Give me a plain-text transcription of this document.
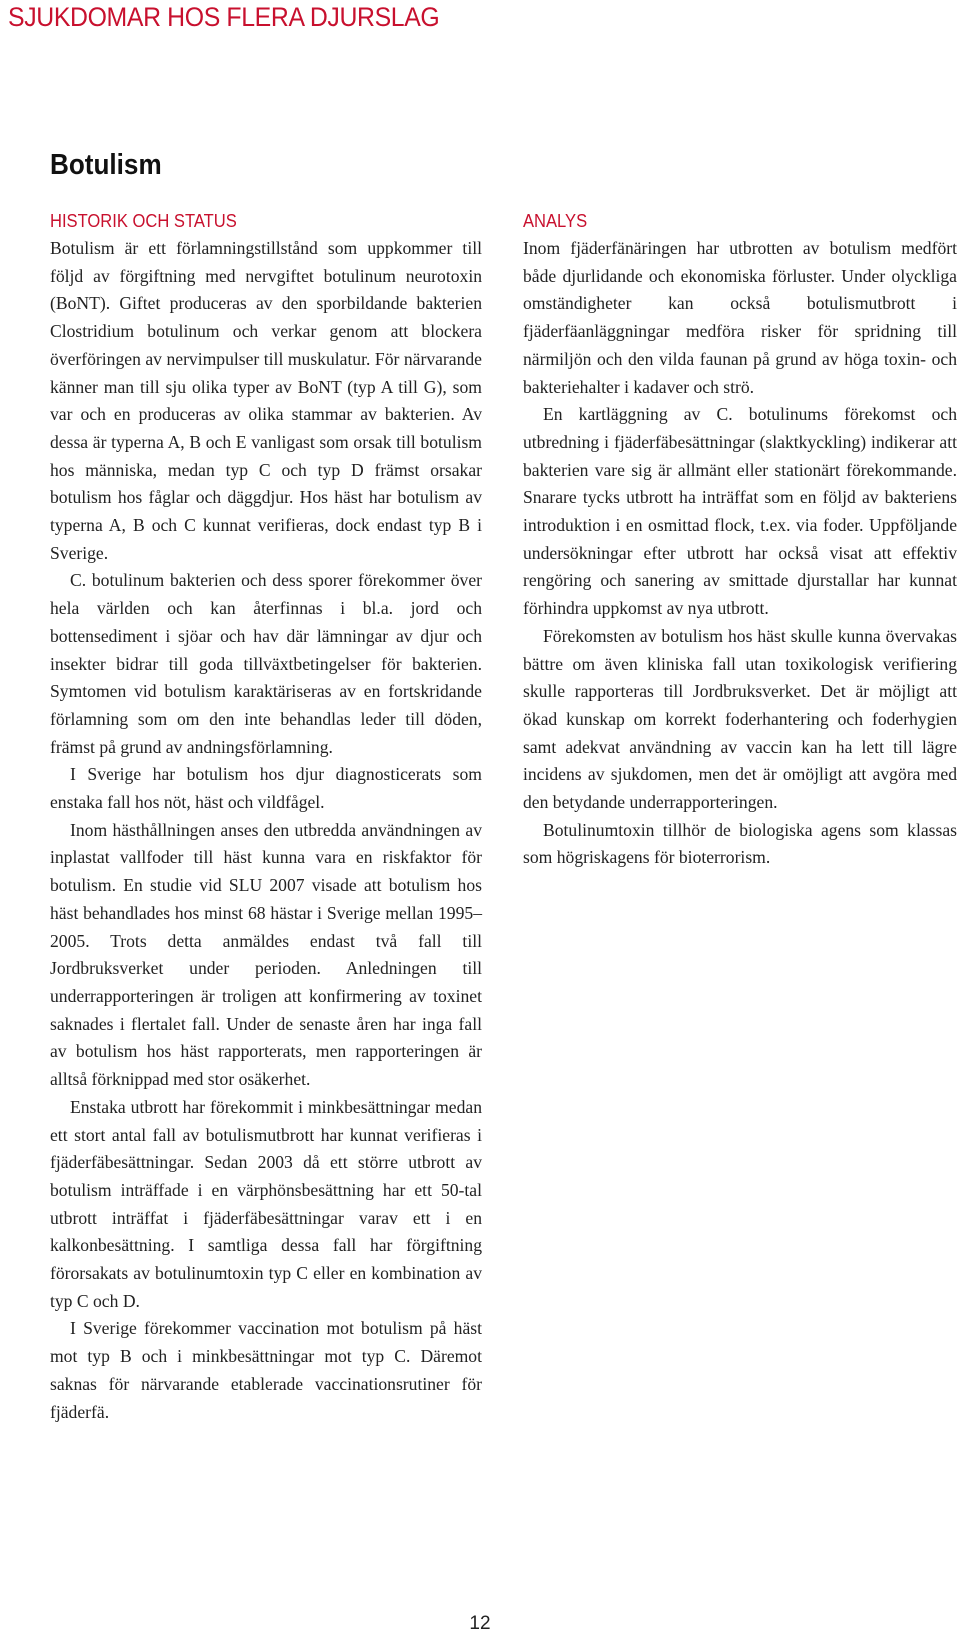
SJUKDOMAR HOS FLERA DJURSLAG
Botulism
HISTORIK OCH STATUS

Botulism är ett förlamningstillstånd som uppkommer till följd av förgiftning med nervgiftet botulinum neurotoxin (BoNT). Giftet produceras av den sporbildande bakterien Clostridium botulinum och verkar genom att blockera överföringen av nervimpulser till muskulatur. För närvarande känner man till sju olika typer av BoNT (typ A till G), som var och en produceras av olika stammar av bakterien. Av dessa är typerna A, B och E vanligast som orsak till botulism hos människa, medan typ C och typ D främst orsakar botulism hos fåglar och däggdjur. Hos häst har botulism av typerna A, B och C kunnat verifieras, dock endast typ B i Sverige.

C. botulinum bakterien och dess sporer förekommer över hela världen och kan återfinnas i bl.a. jord och bottensediment i sjöar och hav där lämningar av djur och insekter bidrar till goda tillväxtbetingelser för bakterien. Symtomen vid botulism karaktäriseras av en fortskridande förlamning som om den inte behandlas leder till döden, främst på grund av andningsförlamning.

I Sverige har botulism hos djur diagnosticerats som enstaka fall hos nöt, häst och vildfågel.

Inom hästhållningen anses den utbredda användningen av inplastat vallfoder till häst kunna vara en riskfaktor för botulism. En studie vid SLU 2007 visade att botulism hos häst behandlades hos minst 68 hästar i Sverige mellan 1995–2005. Trots detta anmäldes endast två fall till Jordbruksverket under perioden. Anledningen till underrapporteringen är troligen att konfirmering av toxinet saknades i flertalet fall. Under de senaste åren har inga fall av botulism hos häst rapporterats, men rapporteringen är alltså förknippad med stor osäkerhet.

Enstaka utbrott har förekommit i minkbesättningar medan ett stort antal fall av botulismutbrott har kunnat verifieras i fjäderfäbesättningar. Sedan 2003 då ett större utbrott av botulism inträffade i en värphönsbesättning har ett 50-tal utbrott inträffat i fjäderfäbesättningar varav ett i en kalkonbesättning. I samtliga dessa fall har förgiftning förorsakats av botulinumtoxin typ C eller en kombination av typ C och D.

I Sverige förekommer vaccination mot botulism på häst mot typ B och i minkbesättningar mot typ C. Däremot saknas för närvarande etablerade vaccinationsrutiner för fjäderfä.

ANALYS

Inom fjäderfänäringen har utbrotten av botulism medfört både djurlidande och ekonomiska förluster. Under olyckliga omständigheter kan också botulismutbrott i fjäderfäanläggningar medföra risker för spridning till närmiljön och den vilda faunan på grund av höga toxin- och bakteriehalter i kadaver och strö.

En kartläggning av C. botulinums förekomst och utbredning i fjäderfäbesättningar (slaktkyckling) indikerar att bakterien vare sig är allmänt eller stationärt förekommande. Snarare tycks utbrott ha inträffat som en följd av bakteriens introduktion i en osmittad flock, t.ex. via foder. Uppföljande undersökningar efter utbrott har också visat att effektiv rengöring och sanering av smittade djurstallar har kunnat förhindra uppkomst av nya utbrott.

Förekomsten av botulism hos häst skulle kunna övervakas bättre om även kliniska fall utan toxikologisk verifiering skulle rapporteras till Jordbruksverket. Det är möjligt att ökad kunskap om korrekt foderhantering och foderhygien samt adekvat användning av vaccin kan ha lett till lägre incidens av sjukdomen, men det är omöjligt att avgöra med den betydande underrapporteringen.

Botulinumtoxin tillhör de biologiska agens som klassas som högriskagens för bioterrorism.

12
